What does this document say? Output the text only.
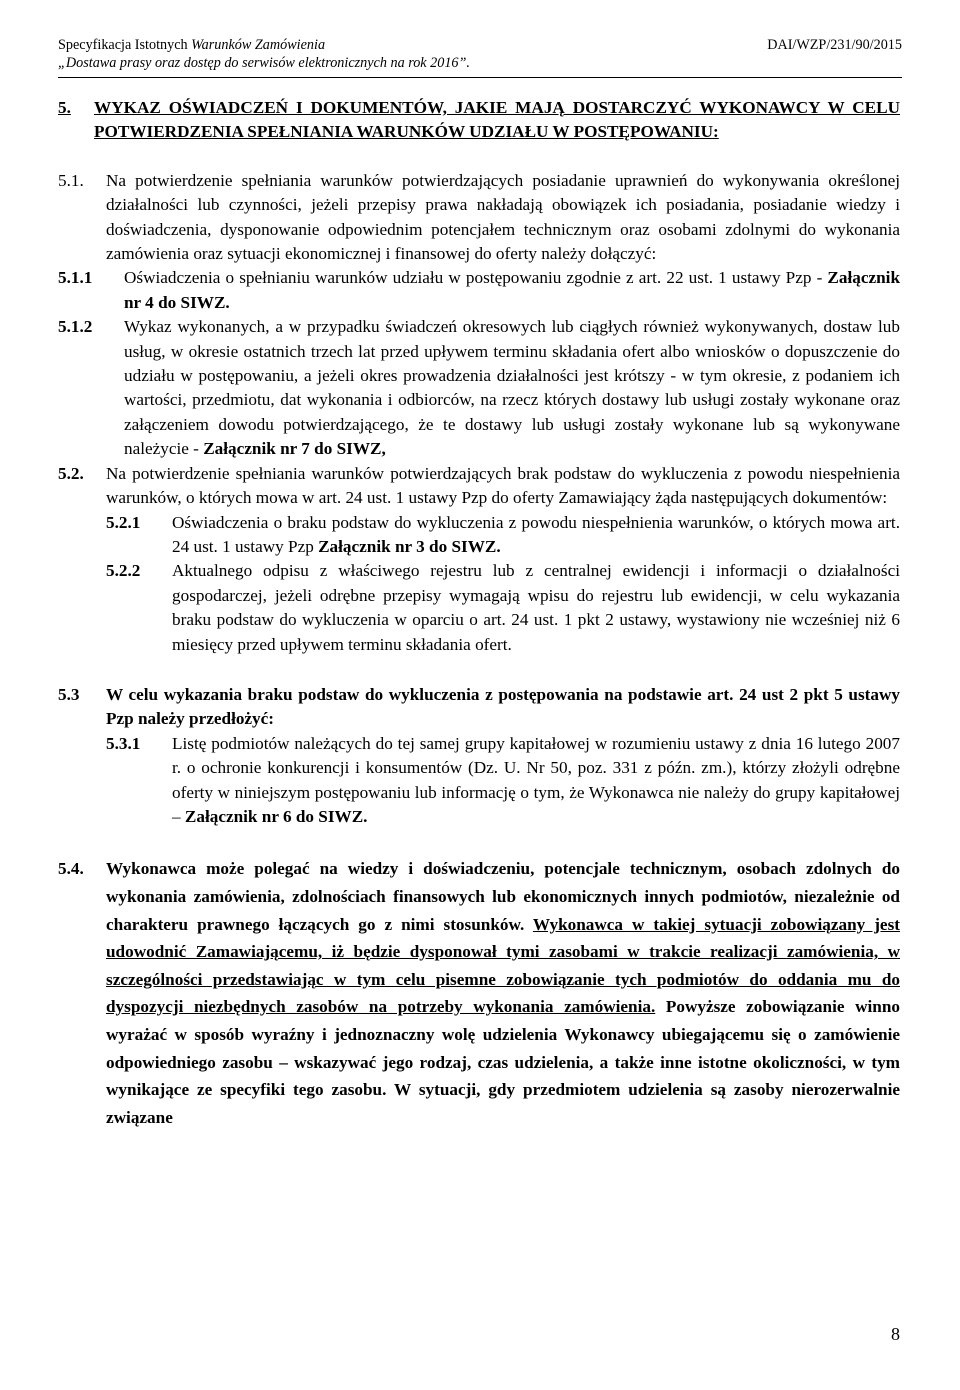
Specyfikacja Istotnych Warunków Zamówienia	DAI/WZP/231/90/2015
„Dostawa prasy oraz dostęp do serwisów elektronicznych na rok 2016”.
5.	WYKAZ OŚWIADCZEŃ I DOKUMENTÓW, JAKIE MAJĄ DOSTARCZYĆ WYKONAWCY W CELU POTWIERDZENIA SPEŁNIANIA WARUNKÓW UDZIAŁU W POSTĘPOWANIU:
5.1.	Na potwierdzenie spełniania warunków potwierdzających posiadanie uprawnień do wykonywania określonej działalności lub czynności, jeżeli przepisy prawa nakładają obowiązek ich posiadania, posiadanie wiedzy i doświadczenia, dysponowanie odpowiednim potencjałem technicznym oraz osobami zdolnymi do wykonania zamówienia oraz sytuacji ekonomicznej i finansowej do oferty należy dołączyć:
5.1.1	Oświadczenia o spełnianiu warunków udziału w postępowaniu zgodnie z art. 22 ust. 1 ustawy Pzp - Załącznik nr 4 do SIWZ.
5.1.2	Wykaz wykonanych, a w przypadku świadczeń okresowych lub ciągłych również wykonywanych, dostaw lub usług, w okresie ostatnich trzech lat przed upływem terminu składania ofert albo wniosków o dopuszczenie do udziału w postępowaniu, a jeżeli okres prowadzenia działalności jest krótszy - w tym okresie, z podaniem ich wartości, przedmiotu, dat wykonania i odbiorców, na rzecz których dostawy lub usługi zostały wykonane oraz załączeniem dowodu potwierdzającego, że te dostawy lub usługi zostały wykonane lub są wykonywane należycie - Załącznik nr 7 do SIWZ,
5.2.	Na potwierdzenie spełniania warunków potwierdzających brak podstaw do wykluczenia z powodu niespełnienia warunków, o których mowa w art. 24 ust. 1 ustawy Pzp do oferty Zamawiający żąda następujących dokumentów:
5.2.1	Oświadczenia o braku podstaw do wykluczenia z powodu niespełnienia warunków, o których mowa art. 24 ust. 1 ustawy Pzp Załącznik nr 3 do SIWZ.
5.2.2	Aktualnego odpisu z właściwego rejestru lub z centralnej ewidencji i informacji o działalności gospodarczej, jeżeli odrębne przepisy wymagają wpisu do rejestru lub ewidencji, w celu wykazania braku podstaw do wykluczenia w oparciu o art. 24 ust. 1 pkt 2 ustawy, wystawiony nie wcześniej niż 6 miesięcy przed upływem terminu składania ofert.
5.3	W celu wykazania braku podstaw do wykluczenia z postępowania na podstawie art. 24 ust 2 pkt 5 ustawy Pzp należy przedłożyć:
5.3.1	Listę podmiotów należących do tej samej grupy kapitałowej w rozumieniu ustawy z dnia 16 lutego 2007 r. o ochronie konkurencji i konsumentów (Dz. U. Nr 50, poz. 331 z późn. zm.), którzy złożyli odrębne oferty w niniejszym postępowaniu lub informację o tym, że Wykonawca nie należy do grupy kapitałowej – Załącznik nr 6 do SIWZ.
5.4.	Wykonawca może polegać na wiedzy i doświadczeniu, potencjale technicznym, osobach zdolnych do wykonania zamówienia, zdolnościach finansowych lub ekonomicznych innych podmiotów, niezależnie od charakteru prawnego łączących go z nimi stosunków. Wykonawca w takiej sytuacji zobowiązany jest udowodnić Zamawiającemu, iż będzie dysponował tymi zasobami w trakcie realizacji zamówienia, w szczególności przedstawiając w tym celu pisemne zobowiązanie tych podmiotów do oddania mu do dyspozycji niezbędnych zasobów na potrzeby wykonania zamówienia. Powyższe zobowiązanie winno wyrażać w sposób wyraźny i jednoznaczny wolę udzielenia Wykonawcy ubiegającemu się o zamówienie odpowiedniego zasobu – wskazywać jego rodzaj, czas udzielenia, a także inne istotne okoliczności, w tym wynikające ze specyfiki tego zasobu. W sytuacji, gdy przedmiotem udzielenia są zasoby nierozerwalnie związane
8
